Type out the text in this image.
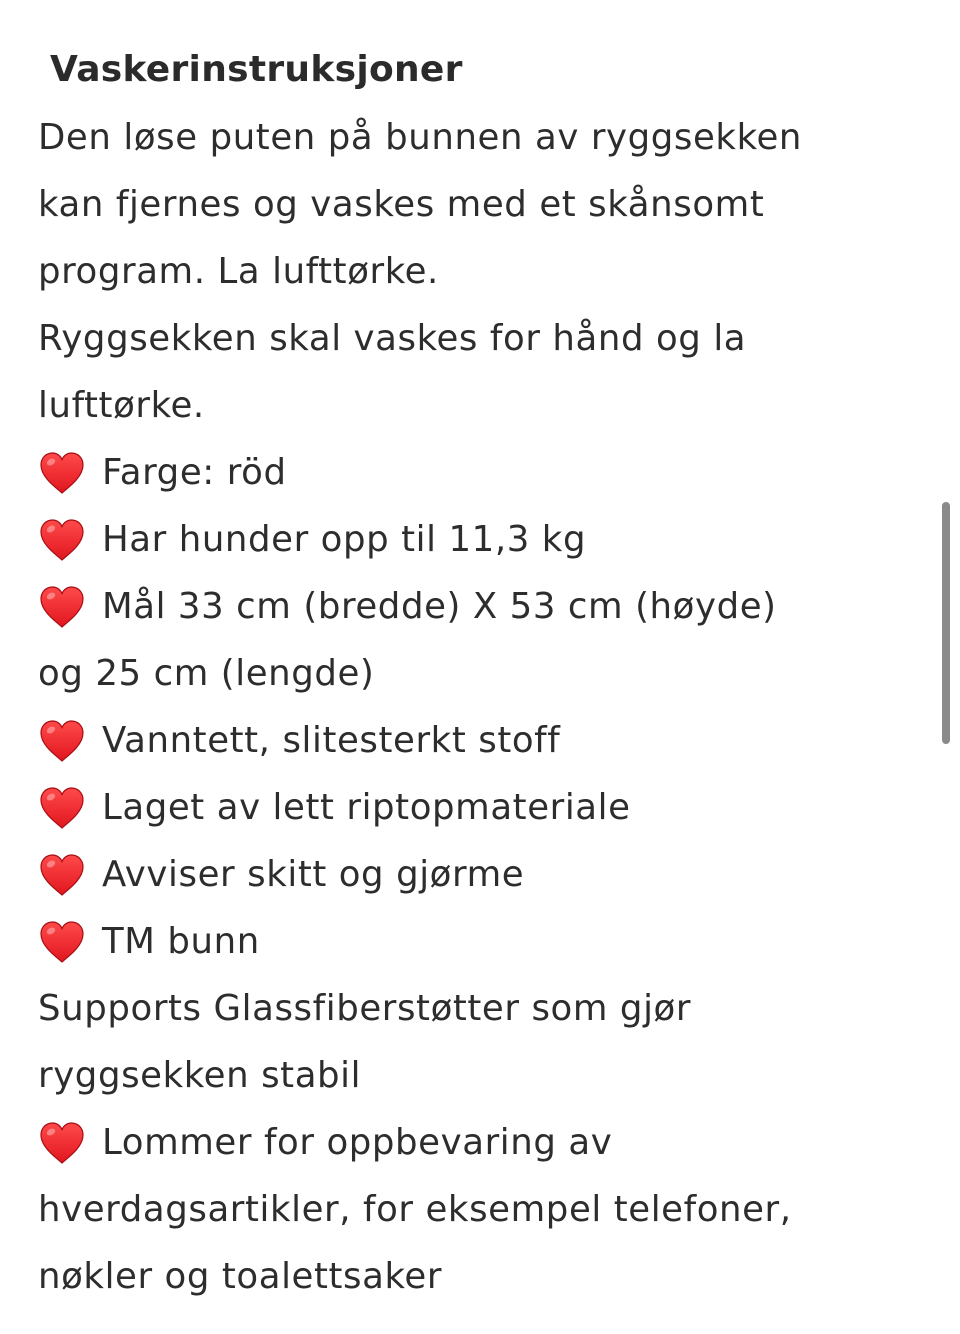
Vaskerinstruksjoner
Den løse puten på bunnen av ryggsekken
kan fjernes og vaskes med et skånsomt
program. La lufttørke.
Ryggsekken skal vaskes for hånd og la
lufttørke.
Farge: röd
Har hunder opp til 11,3 kg
Mål 33 cm (bredde) X 53 cm (høyde)
og 25 cm (lengde)
Vanntett, slitesterkt stoff
Laget av lett riptopmateriale
Avviser skitt og gjørme
TM bunn
Supports Glassfiberstøtter som gjør
ryggsekken stabil
Lommer for oppbevaring av
hverdagsartikler, for eksempel telefoner,
nøkler og toalettsaker
